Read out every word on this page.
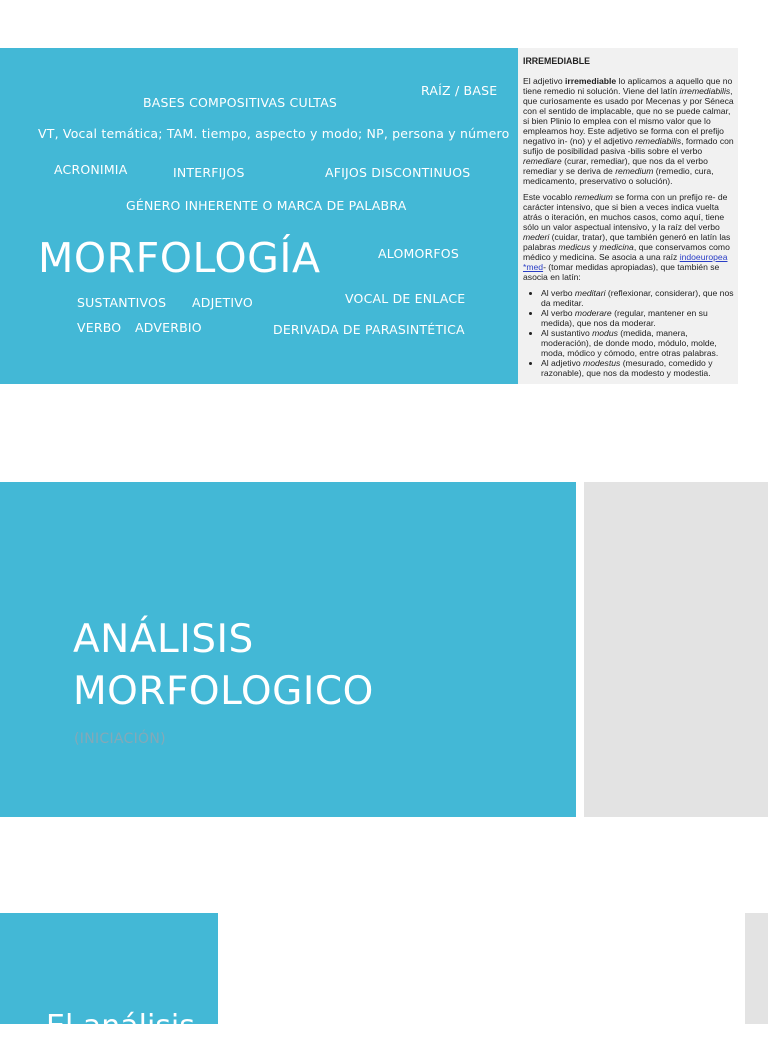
BASES COMPOSITIVAS CULTAS
RAÍZ / BASE
VT, Vocal temática; TAM. tiempo, aspecto y modo; NP, persona y número
ACRONIMIA	INTERFIJOS	AFIJOS DISCONTINUOS
GÉNERO INHERENTE O MARCA DE PALABRA
MORFOLOGÍA	ALOMORFOS
SUSTANTIVOS ADJETIVO	VOCAL DE ENLACE
VERBO ADVERBIO	DERIVADA DE PARASINTÉTICA
IRREMEDIABLE

El adjetivo irremediable lo aplicamos a aquello que no tiene remedio ni solución. Viene del latín irremediabilis, que curiosamente es usado por Mecenas y por Séneca con el sentido de implacable, que no se puede calmar, si bien Plinio lo emplea con el mismo valor que lo empleamos hoy. Este adjetivo se forma con el prefijo negativo in- (no) y el adjetivo remediabilis, formado con sufijo de posibilidad pasiva -bilis sobre el verbo remediare (curar, remediar), que nos da el verbo remediar y se deriva de remedium (remedio, cura, medicamento, preservativo o solución).

Este vocablo remedium se forma con un prefijo re- de carácter intensivo, que si bien a veces indica vuelta atrás o iteración, en muchos casos, como aquí, tiene sólo un valor aspectual intensivo, y la raíz del verbo mederi (cuidar, tratar), que también generó en latín las palabras medicus y medicina, que conservamos como médico y medicina. Se asocia a una raíz indoeuropea *med- (tomar medidas apropiadas), que también se asocia en latín:

• Al verbo meditari (reflexionar, considerar), que nos da meditar.
• Al verbo moderare (regular, mantener en su medida), que nos da moderar.
• Al sustantivo modus (medida, manera, moderación), de donde modo, módulo, molde, moda, módico y cómodo, entre otras palabras.
• Al adjetivo modestus (mesurado, comedido y razonable), que nos da modesto y modestia.
ANÁLISIS
MORFOLOGICO
(INICIACIÓN)
El análisis
